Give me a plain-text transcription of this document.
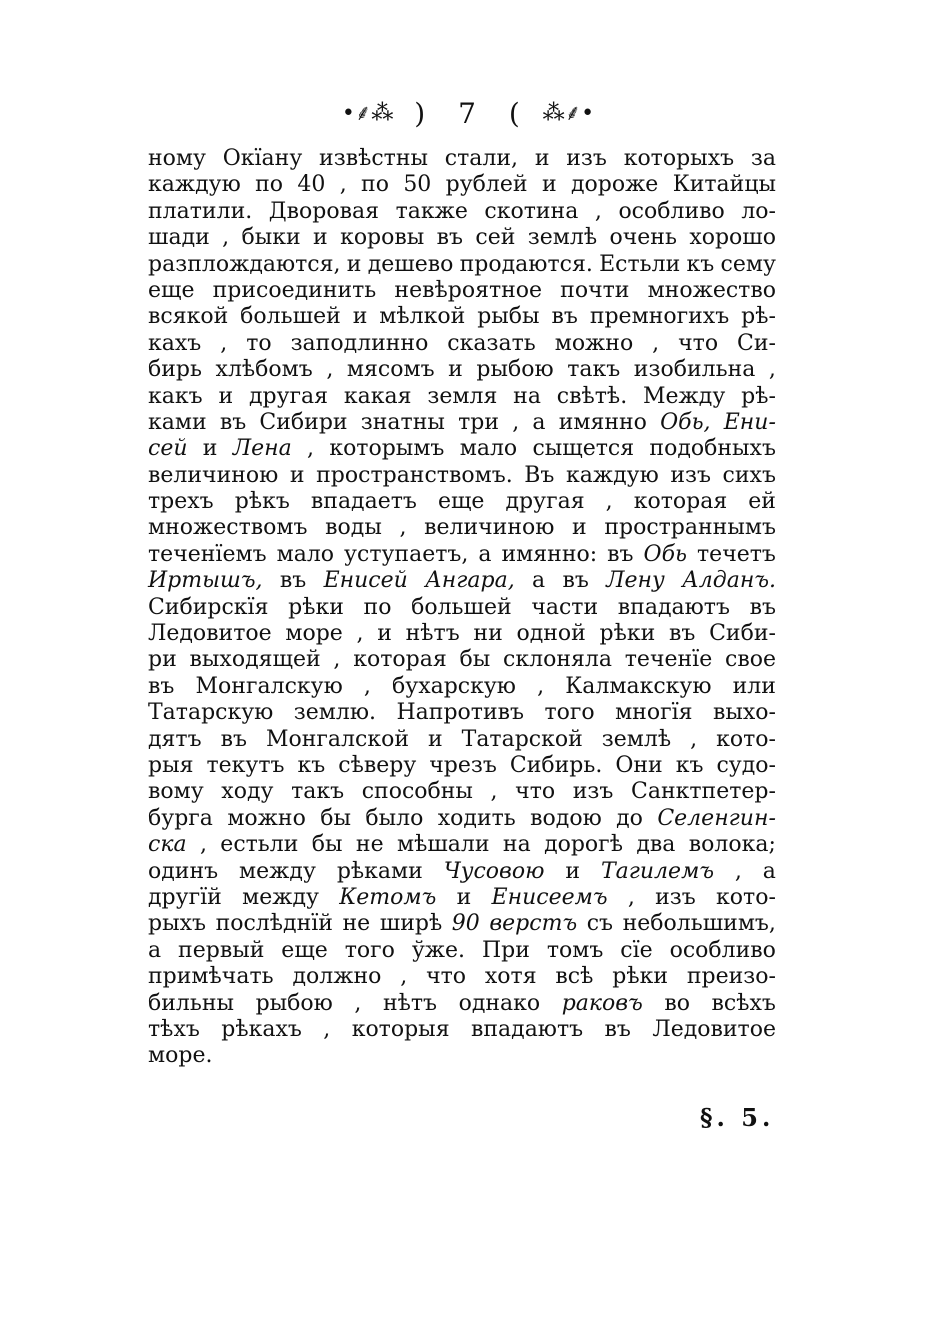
•⸙⁂ ) 7 ( ⁂⸙•
ному Окїану извѣстны стали, и изъ которыхъ за
каждую по 40 , по 50 рублей и дороже Китайцы
платили. Дворовая также скотина , особливо ло-
шади , быки и коровы въ сей землѣ очень хорошо
разплождаются, и дешево продаются. Естьли къ сему
еще присоединить невѣроятное почти множество
всякой большей и мѣлкой рыбы въ премногихъ рѣ-
кахъ , то заподлинно сказать можно , что Си-
бирь хлѣбомъ , мясомъ и рыбою такъ изобильна ,
какъ и другая какая земля на свѣтѣ. Между рѣ-
ками въ Сибири знатны три , а имянно Обь, Ени-
сей и Лена , которымъ мало сыщется подобныхъ
величиною и пространствомъ. Въ каждую изъ сихъ
трехъ рѣкъ впадаетъ еще другая , которая ей
множествомъ воды , величиною и пространнымъ
теченїемъ мало уступаетъ, а имянно: въ Обь течетъ
Иртышъ, въ Енисей Ангара, а въ Лену Алданъ.
Сибирскїя рѣки по большей части впадаютъ въ
Ледовитое море , и нѣтъ ни одной рѣки въ Сиби-
ри выходящей , которая бы склоняла теченїе свое
въ Монгалскую , бухарскую , Калмакскую или
Татарскую землю. Напротивъ того многїя выхо-
дятъ въ Монгалской и Татарской землѣ , кото-
рыя текутъ къ сѣверу чрезъ Сибирь. Они къ судо-
вому ходу такъ способны , что изъ Санктпетер-
бурга можно бы было ходить водою до Селенгин-
ска , естьли бы не мѣшали на дорогѣ два волока;
одинъ между рѣками Чусовою и Тагилемъ , а
другїй между Кетомъ и Енисеемъ , изъ кото-
рыхъ послѣднїй не ширѣ 90 верстъ съ небольшимъ,
а первый еще того ўже. При томъ сїе особливо
примѣчать должно , что хотя всѣ рѣки преизо-
бильны рыбою , нѣтъ однако раковъ во всѣхъ
тѣхъ рѣкахъ , которыя впадаютъ въ Ледовитое
море.
§. 5.
